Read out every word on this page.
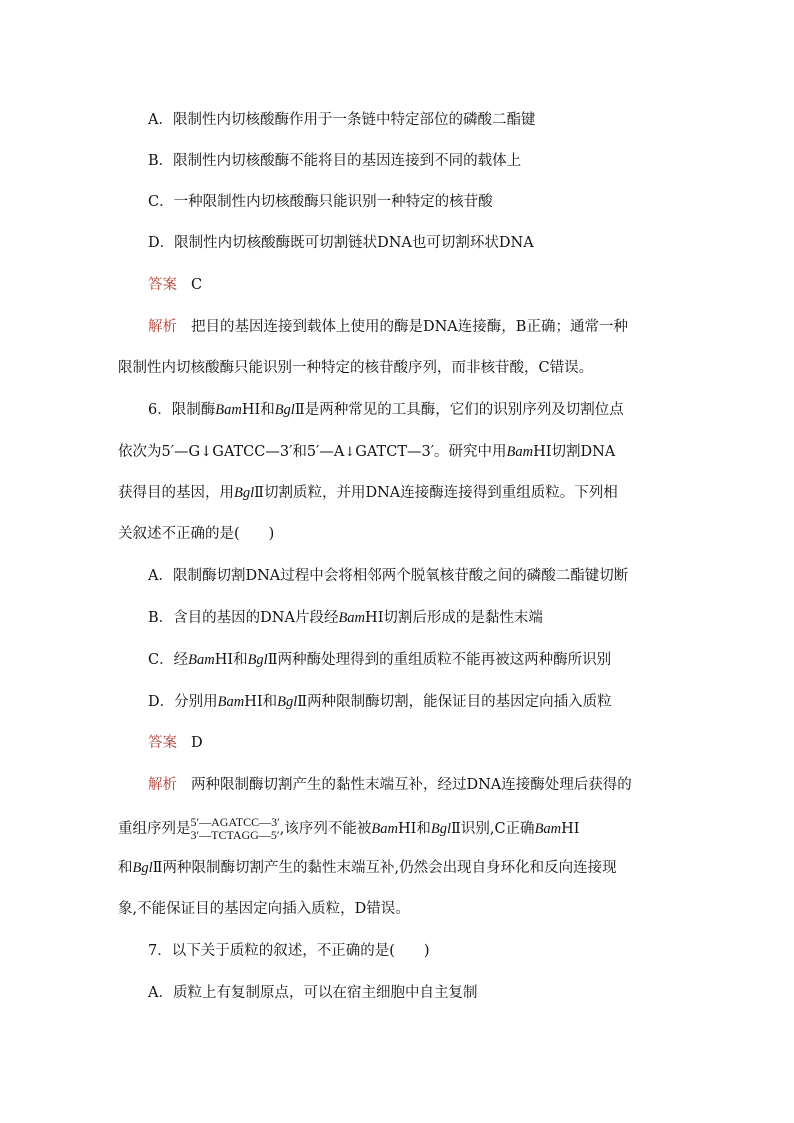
A．限制性内切核酸酶作用于一条链中特定部位的磷酸二酯键
B．限制性内切核酸酶不能将目的基因连接到不同的载体上
C．一种限制性内切核酸酶只能识别一种特定的核苷酸
D．限制性内切核酸酶既可切割链状DNA也可切割环状DNA
答案 C
解析 把目的基因连接到载体上使用的酶是DNA连接酶，B正确；通常一种
限制性内切核酸酶只能识别一种特定的核苷酸序列，而非核苷酸，C错误。
6．限制酶BamHⅠ和BglⅡ是两种常见的工具酶，它们的识别序列及切割位点
依次为5′—G↓GATCC—3′和5′—A↓GATCT—3′。研究中用BamHⅠ切割DNA
获得目的基因，用BglⅡ切割质粒，并用DNA连接酶连接得到重组质粒。下列相
关叙述不正确的是(　　)
A．限制酶切割DNA过程中会将相邻两个脱氧核苷酸之间的磷酸二酯键切断
B．含目的基因的DNA片段经BamHⅠ切割后形成的是黏性末端
C．经BamHⅠ和BglⅡ两种酶处理得到的重组质粒不能再被这两种酶所识别
D．分别用BamHⅠ和BglⅡ两种限制酶切割，能保证目的基因定向插入质粒
答案 D
解析 两种限制酶切割产生的黏性末端互补，经过DNA连接酶处理后获得的
重组序列是 5′—AGATCC—3′
3′—TCTAGG—5′ ,该序列不能被BamHⅠ和BglⅡ识别,C正确BamHⅠ
和BglⅡ两种限制酶切割产生的黏性末端互补,仍然会出现自身环化和反向连接现
象,不能保证目的基因定向插入质粒，D错误。
7．以下关于质粒的叙述，不正确的是(　　)
A．质粒上有复制原点，可以在宿主细胞中自主复制
